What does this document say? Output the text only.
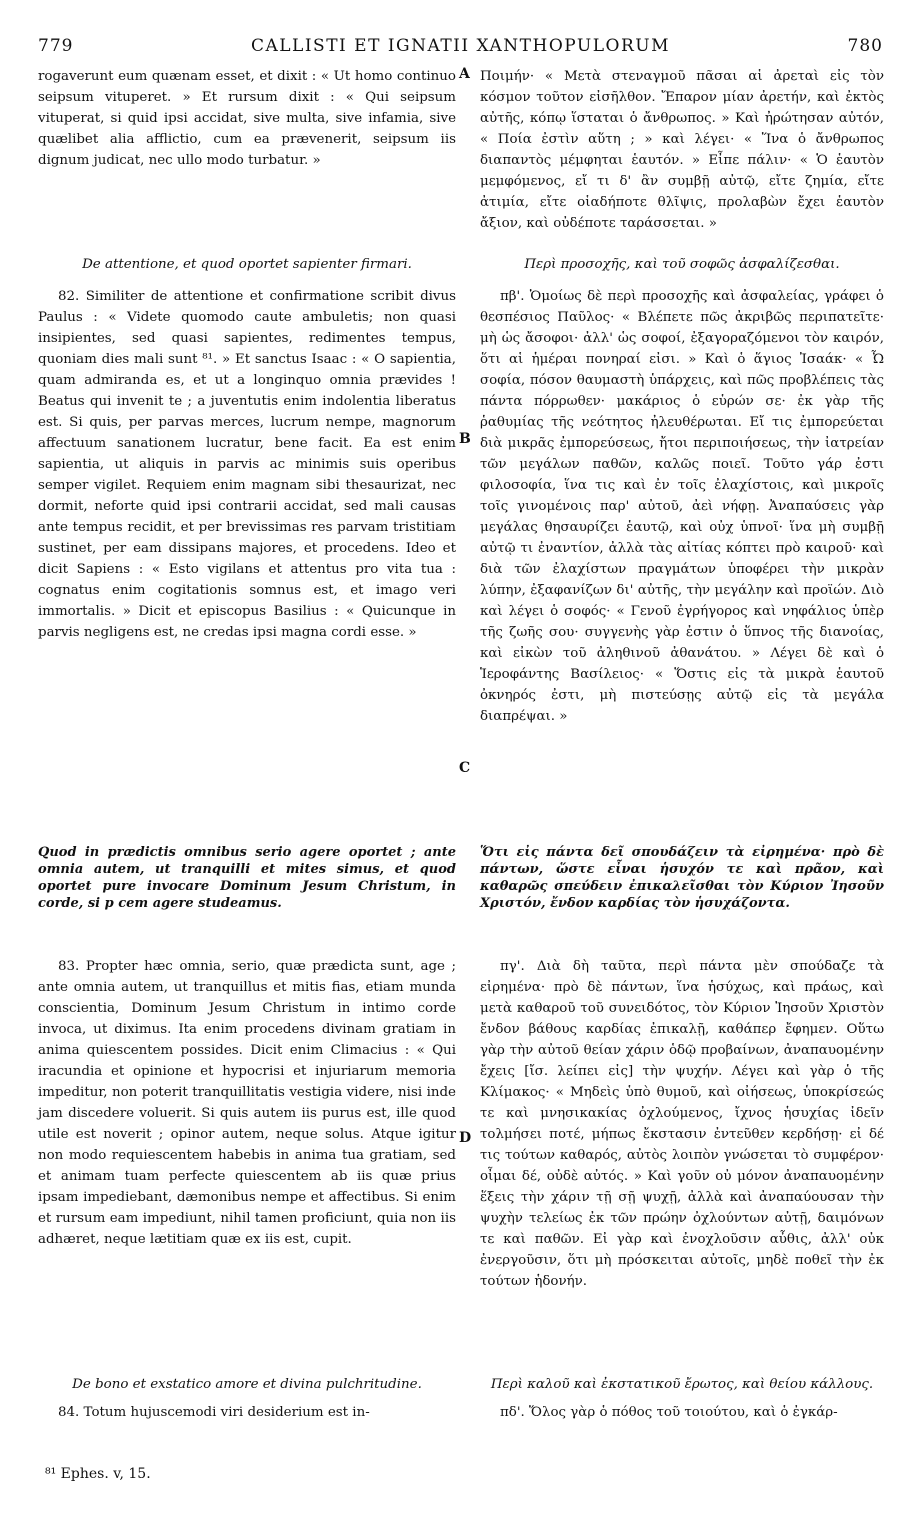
779	CALLISTI ET IGNATII XANTHOPULORUM	780
A
B
C
D

rogaverunt eum quænam esset, et dixit : « Ut homo continuo seipsum vituperet. » Et rursum dixit : « Qui seipsum vituperat, si quid ipsi accidat, sive multa, sive infamia, sive quælibet alia afflictio, cum ea prævenerit, seipsum iis dignum judicat, nec ullo modo turbatur. »

De attentione, et quod oportet sapienter firmari.

82. Similiter de attentione et confirmatione scribit divus Paulus : « Videte quomodo caute ambuletis; non quasi insipientes, sed quasi sapientes, redimentes tempus, quoniam dies mali sunt ⁸¹. » Et sanctus Isaac : « O sapientia, quam admiranda es, et ut a longinquo omnia prævides ! Beatus qui invenit te ; a juventutis enim indolentia liberatus est. Si quis, per parvas merces, lucrum nempe, magnorum affectuum sanationem lucratur, bene facit. Ea est enim sapientia, ut aliquis in parvis ac minimis suis operibus semper vigilet. Requiem enim magnam sibi thesaurizat, nec dormit, neforte quid ipsi contrarii accidat, sed mali causas ante tempus recidit, et per brevissimas res parvam tristitiam sustinet, per eam dissipans majores, et procedens. Ideo et dicit Sapiens : « Esto vigilans et attentus pro vita tua : cognatus enim cogitationis somnus est, et imago veri immortalis. » Dicit et episcopus Basilius : « Quicunque in parvis negligens est, ne credas ipsi magna cordi esse. »

Quod in prædictis omnibus serio agere oportet ; ante omnia autem, ut tranquilli et mites simus, et quod oportet pure invocare Dominum Jesum Christum, in corde, si p cem agere studeamus.

83. Propter hæc omnia, serio, quæ prædicta sunt, age ; ante omnia autem, ut tranquillus et mitis fias, etiam munda conscientia, Dominum Jesum Christum in intimo corde invoca, ut diximus. Ita enim procedens divinam gratiam in anima quiescentem possides. Dicit enim Climacius : « Qui iracundia et opinione et hypocrisi et injuriarum memoria impeditur, non poterit tranquillitatis vestigia videre, nisi inde jam discedere voluerit. Si quis autem iis purus est, ille quod utile est noverit ; opinor autem, neque solus. Atque igitur non modo requiescentem habebis in anima tua gratiam, sed et animam tuam perfecte quiescentem ab iis quæ prius ipsam impediebant, dæmonibus nempe et affectibus. Si enim et rursum eam impediunt, nihil tamen proficiunt, quia non iis adhæret, neque lætitiam quæ ex iis est, cupit.

De bono et exstatico amore et divina pulchritudine.

84. Totum hujuscemodi viri desiderium est in-

Ποιμήν· « Μετὰ στεναγμοῦ πᾶσαι αἱ ἀρεταὶ εἰς τὸν κόσμον τοῦτον εἰσῆλθον. Ἔπαρον μίαν ἀρετήν, καὶ ἐκτὸς αὐτῆς, κόπῳ ἵσταται ὁ ἄνθρωπος. » Καὶ ἠρώτησαν αὐτόν, « Ποία ἐστὶν αὕτη ; » καὶ λέγει· « Ἵνα ὁ ἄνθρωπος διαπαντὸς μέμφηται ἑαυτόν. » Εἶπε πάλιν· « Ὁ ἑαυτὸν μεμφόμενος, εἴ τι δ' ἂν συμβῇ αὐτῷ, εἴτε ζημία, εἴτε ἀτιμία, εἴτε οἱαδήποτε θλῖψις, προλαβὼν ἔχει ἑαυτὸν ἄξιον, καὶ οὐδέποτε ταράσσεται. »

Περὶ προσοχῆς, καὶ τοῦ σοφῶς ἀσφαλίζεσθαι.

πβ'. Ὁμοίως δὲ περὶ προσοχῆς καὶ ἀσφαλείας, γράφει ὁ θεσπέσιος Παῦλος· « Βλέπετε πῶς ἀκριβῶς περιπατεῖτε· μὴ ὡς ἄσοφοι· ἀλλ' ὡς σοφοί, ἐξαγοραζόμενοι τὸν καιρόν, ὅτι αἱ ἡμέραι πονηραί εἰσι. » Καὶ ὁ ἅγιος Ἰσαάκ· « Ὦ σοφία, πόσον θαυμαστὴ ὑπάρχεις, καὶ πῶς προβλέπεις τὰς πάντα πόρρωθεν· μακάριος ὁ εὑρών σε· ἐκ γὰρ τῆς ῥαθυμίας τῆς νεότητος ἠλευθέρωται. Εἴ τις ἐμπορεύεται διὰ μικρᾶς ἐμπορεύσεως, ἤτοι περιποιήσεως, τὴν ἰατρείαν τῶν μεγάλων παθῶν, καλῶς ποιεῖ. Τοῦτο γάρ ἐστι φιλοσοφία, ἵνα τις καὶ ἐν τοῖς ἐλαχίστοις, καὶ μικροῖς τοῖς γινομένοις παρ' αὐτοῦ, ἀεὶ νήφῃ. Ἀναπαύσεις γὰρ μεγάλας θησαυρίζει ἑαυτῷ, καὶ οὐχ ὑπνοῖ· ἵνα μὴ συμβῇ αὐτῷ τι ἐναντίον, ἀλλὰ τὰς αἰτίας κόπτει πρὸ καιροῦ· καὶ διὰ τῶν ἐλαχίστων πραγμάτων ὑποφέρει τὴν μικρὰν λύπην, ἐξαφανίζων δι' αὐτῆς, τὴν μεγάλην καὶ προϊών. Διὸ καὶ λέγει ὁ σοφός· « Γενοῦ ἐγρήγορος καὶ νηφάλιος ὑπὲρ τῆς ζωῆς σου· συγγενὴς γὰρ ἐστιν ὁ ὕπνος τῆς διανοίας, καὶ εἰκὼν τοῦ ἀληθινοῦ ἀθανάτου. » Λέγει δὲ καὶ ὁ Ἱεροφάντης Βασίλειος· « Ὅστις εἰς τὰ μικρὰ ἑαυτοῦ ὀκνηρός ἐστι, μὴ πιστεύσῃς αὐτῷ εἰς τὰ μεγάλα διαπρέψαι. »

Ὅτι εἰς πάντα δεῖ σπουδάζειν τὰ εἰρημένα· πρὸ δὲ πάντων, ὥστε εἶναι ἡσυχόν τε καὶ πρᾶον, καὶ καθαρῶς σπεύδειν ἐπικαλεῖσθαι τὸν Κύριον Ἰησοῦν Χριστόν, ἔνδον καρδίας τὸν ἡσυχάζοντα.

πγ'. Διὰ δὴ ταῦτα, περὶ πάντα μὲν σπούδαζε τὰ εἰρημένα· πρὸ δὲ πάντων, ἵνα ἡσύχως, καὶ πράως, καὶ μετὰ καθαροῦ τοῦ συνειδότος, τὸν Κύριον Ἰησοῦν Χριστὸν ἔνδον βάθους καρδίας ἐπικαλῇ, καθάπερ ἔφημεν. Οὕτω γὰρ τὴν αὐτοῦ θείαν χάριν ὁδῷ προβαίνων, ἀναπαυομένην ἔχεις [ἴσ. λείπει εἰς] τὴν ψυχήν. Λέγει καὶ γὰρ ὁ τῆς Κλίμακος· « Μηδεὶς ὑπὸ θυμοῦ, καὶ οἰήσεως, ὑποκρίσεώς τε καὶ μνησικακίας ὀχλούμενος, ἴχνος ἡσυχίας ἰδεῖν τολμήσει ποτέ, μήπως ἔκστασιν ἐντεῦθεν κερδήσῃ· εἰ δέ τις τούτων καθαρός, αὐτὸς λοιπὸν γνώσεται τὸ συμφέρον· οἶμαι δέ, οὐδὲ αὐτός. » Καὶ γοῦν οὐ μόνον ἀναπαυομένην ἕξεις τὴν χάριν τῇ σῇ ψυχῇ, ἀλλὰ καὶ ἀναπαύουσαν τὴν ψυχὴν τελείως ἐκ τῶν πρώην ὀχλούντων αὐτῇ, δαιμόνων τε καὶ παθῶν. Εἰ γὰρ καὶ ἐνοχλοῦσιν αὖθις, ἀλλ' οὐκ ἐνεργοῦσιν, ὅτι μὴ πρόσκειται αὐτοῖς, μηδὲ ποθεῖ τὴν ἐκ τούτων ἡδονήν.

Περὶ καλοῦ καὶ ἐκστατικοῦ ἔρωτος, καὶ θείου κάλλους.

πδ'. Ὅλος γὰρ ὁ πόθος τοῦ τοιούτου, καὶ ὁ ἐγκάρ-

⁸¹ Ephes. v, 15.
